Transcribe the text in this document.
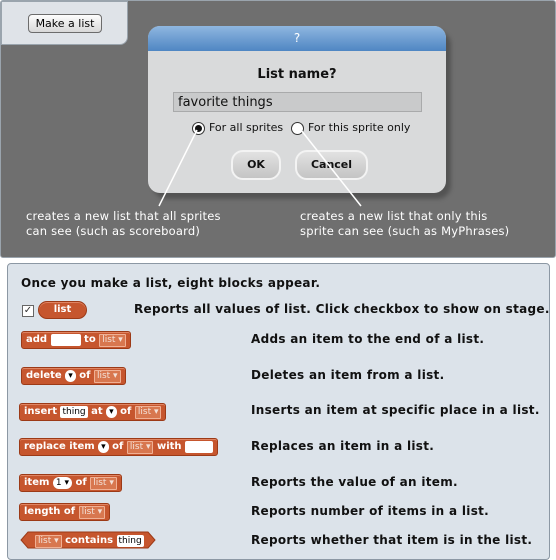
Make a list
?
List name?
favorite things
For all sprites	For this sprite only
OK	Cancel
creates a new list that all sprites
can see (such as scoreboard)
creates a new list that only this
sprite can see (such as MyPhrases)
Once you make a list, eight blocks appear.
✓	list	Reports all values of list. Click checkbox to show on stage.
add	to list ▾	Adds an item to the end of a list.
delete ▾ of list ▾	Deletes an item from a list.
insert thing at ▾ of list ▾	Inserts an item at specific place in a list.
replace item ▾ of list ▾ with	Replaces an item in a list.
item 1 ▾ of list ▾	Reports the value of an item.
length of list ▾	Reports number of items in a list.
list ▾ contains thing	Reports whether that item is in the list.
